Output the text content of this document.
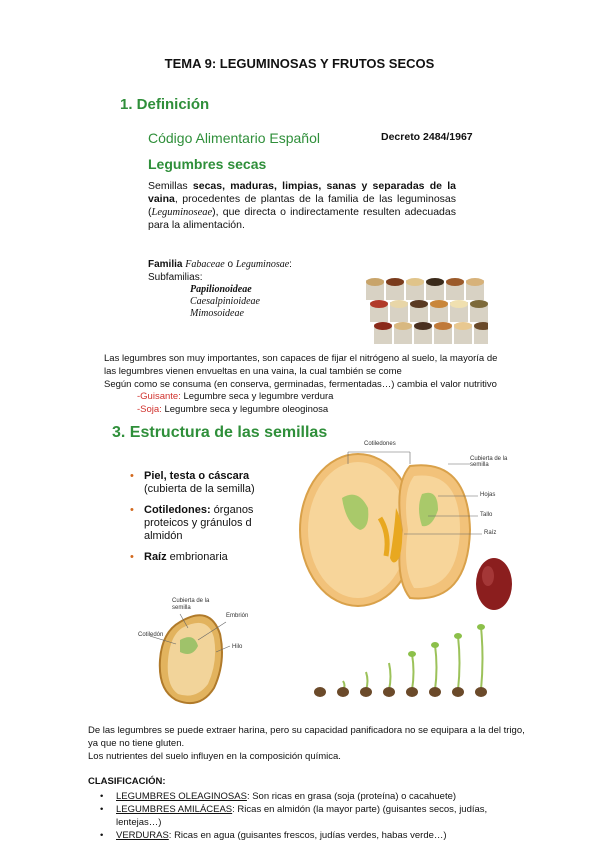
TEMA 9: LEGUMINOSAS Y FRUTOS SECOS
1. Definición
Código Alimentario Español	Decreto 2484/1967
Legumbres secas
Semillas secas, maduras, limpias, sanas y separadas de la vaina, procedentes de plantas de la familia de las leguminosas (Leguminoseae), que directa o indirectamente resulten adecuadas para la alimentación.
Familia Fabaceae o Leguminosae:
Subfamilias:
Papilionoideae
Caesalpinioideae
Mimosoideae
Las legumbres son muy importantes, son capaces de fijar el nitrógeno al suelo, la mayoría de las legumbres vienen envueltas en una vaina, la cual también se come
Según como se consuma (en conserva, germinadas, fermentadas…) cambia el valor nutritivo
-Guisante: Legumbre seca y legumbre verdura
-Soja: Legumbre seca y legumbre oleoginosa
3. Estructura de las semillas
• Piel, testa o cáscara (cubierta de la semilla)
• Cotiledones: órganos proteicos y gránulos d almidón
• Raíz embrionaria
Cotiledones
Cubierta de la semilla
Hojas
Tallo
Raíz
Cubierta de la semilla
Embrión
Cotiledón
Hilo
De las legumbres se puede extraer harina, pero su capacidad panificadora no se equipara a la del trigo, ya que no tiene gluten.
Los nutrientes del suelo influyen en la composición química.
CLASIFICACIÓN:
• LEGUMBRES OLEAGINOSAS: Son ricas en grasa (soja (proteína) o cacahuete)
• LEGUMBRES AMILÁCEAS: Ricas en almidón (la mayor parte) (guisantes secos, judías, lentejas…)
• VERDURAS: Ricas en agua (guisantes frescos, judías verdes, habas verde…)
